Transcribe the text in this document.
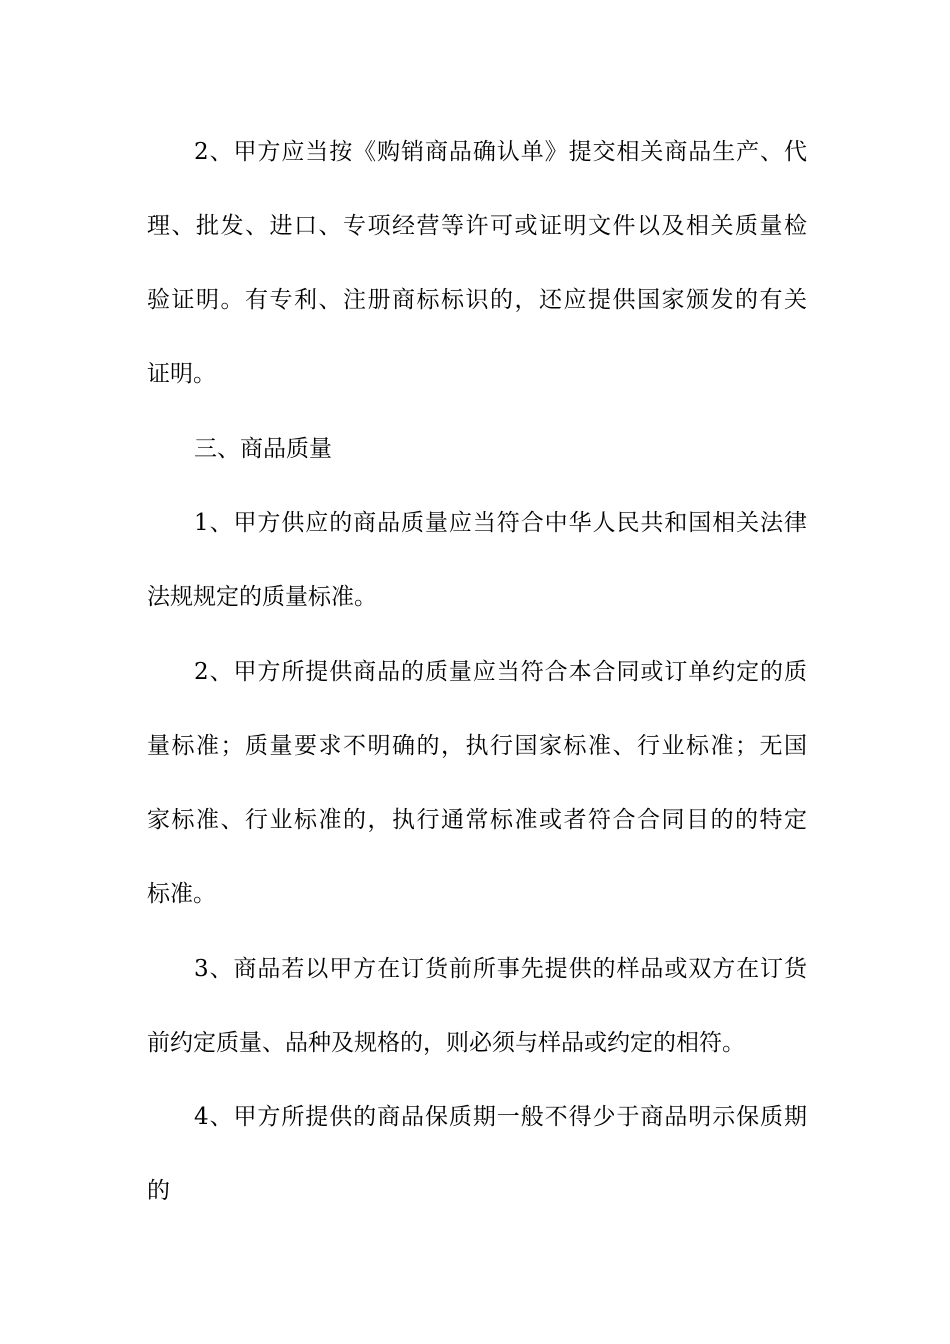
2、甲方应当按《购销商品确认单》提交相关商品生产、代

理、批发、进口、专项经营等许可或证明文件以及相关质量检

验证明。有专利、注册商标标识的，还应提供国家颁发的有关

证明。

三、商品质量

1、甲方供应的商品质量应当符合中华人民共和国相关法律

法规规定的质量标准。

2、甲方所提供商品的质量应当符合本合同或订单约定的质

量标准；质量要求不明确的，执行国家标准、行业标准；无国

家标准、行业标准的，执行通常标准或者符合合同目的的特定

标准。

3、商品若以甲方在订货前所事先提供的样品或双方在订货

前约定质量、品种及规格的，则必须与样品或约定的相符。

4、甲方所提供的商品保质期一般不得少于商品明示保质期

的
